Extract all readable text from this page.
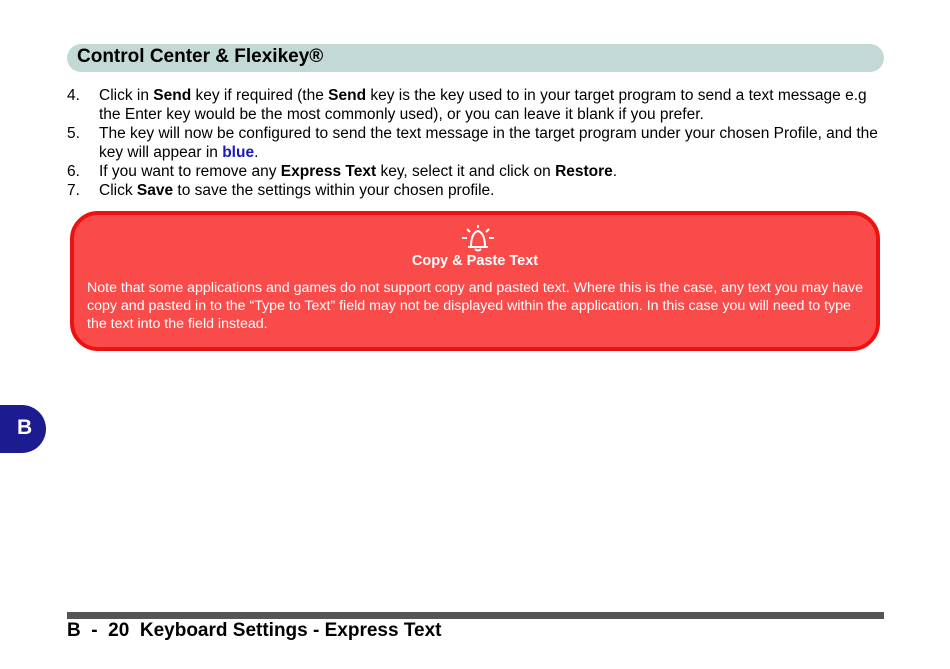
Control Center & Flexikey®
4. Click in Send key if required (the Send key is the key used to in your target program to send a text message e.g the Enter key would be the most commonly used), or you can leave it blank if you prefer.
5. The key will now be configured to send the text message in the target program under your chosen Profile, and the key will appear in blue.
6. If you want to remove any Express Text key, select it and click on Restore.
7. Click Save to save the settings within your chosen profile.
Copy & Paste Text
Note that some applications and games do not support copy and pasted text. Where this is the case, any text you may have copy and pasted in to the “Type to Text” field may not be displayed within the application. In this case you will need to type the text into the field instead.
B
B  -  20  Keyboard Settings - Express Text
